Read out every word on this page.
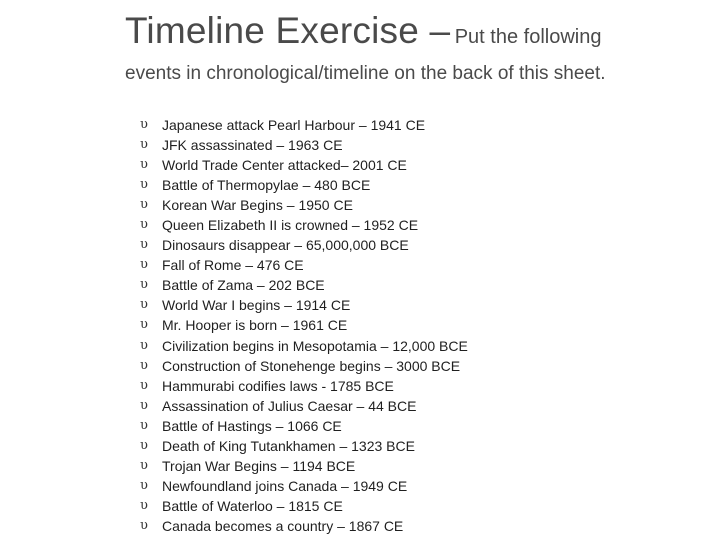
Timeline Exercise – Put the following
events in chronological/timeline on the back of this sheet.
υ	Japanese attack Pearl Harbour – 1941 CE
υ	JFK assassinated – 1963 CE
υ	World Trade Center attacked– 2001 CE
υ	Battle of Thermopylae – 480 BCE
υ	Korean War Begins – 1950 CE
υ	Queen Elizabeth II is crowned – 1952 CE
υ	Dinosaurs disappear – 65,000,000 BCE
υ	Fall of Rome – 476 CE
υ	Battle of Zama – 202 BCE
υ	World War I begins – 1914 CE
υ	Mr. Hooper is born – 1961 CE
υ	Civilization begins in Mesopotamia – 12,000 BCE
υ	Construction of Stonehenge begins – 3000 BCE
υ	Hammurabi codifies laws - 1785 BCE
υ	Assassination of Julius Caesar – 44 BCE
υ	Battle of Hastings – 1066 CE
υ	Death of King Tutankhamen – 1323 BCE
υ	Trojan War Begins – 1194 BCE
υ	Newfoundland joins Canada – 1949 CE
υ	Battle of Waterloo – 1815 CE
υ	Canada becomes a country – 1867 CE
